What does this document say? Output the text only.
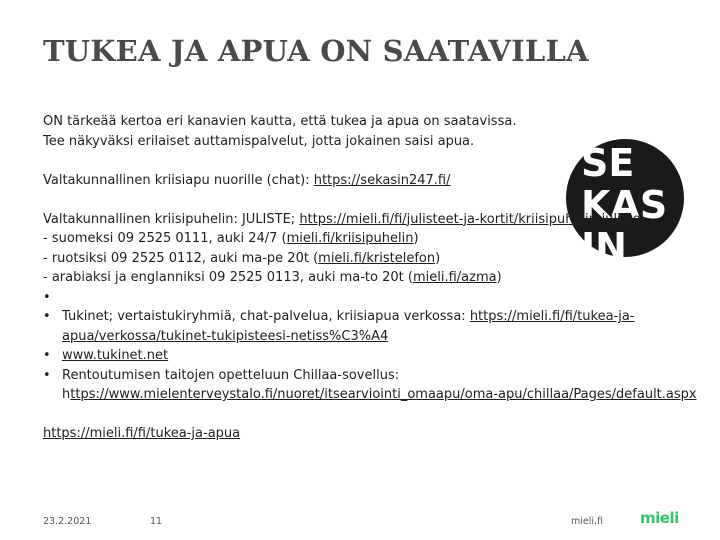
TUKEA JA APUA ON SAATAVILLA
SE
KAS
IN
ON tärkeää kertoa eri kanavien kautta, että tukea ja apua on saatavissa.
Tee näkyväksi erilaiset auttamispalvelut, jotta jokainen saisi apua.
Valtakunnallinen kriisiapu nuorille (chat): https://sekasin247.fi/
Valtakunnallinen kriisipuhelin: JULISTE; https://mieli.fi/fi/julisteet-ja-kortit/kriisipuhelin-juliste
- suomeksi 09 2525 0111, auki 24/7 (mieli.fi/kriisipuhelin)
- ruotsiksi 09 2525 0112, auki ma-pe 20t (mieli.fi/kristelefon)
- arabiaksi ja englanniksi 09 2525 0113, auki ma-to 20t (mieli.fi/azma)
•

• Tukinet; vertaistukiryhmiä, chat-palvelua, kriisiapua verkossa: https://mieli.fi/fi/tukea-ja-apua/verkossa/tukinet-tukipisteesi-netiss%C3%A4
• www.tukinet.net
• Rentoutumisen taitojen opetteluun Chillaa-sovellus:
https://www.mielenterveystalo.fi/nuoret/itsearviointi_omaapu/oma-apu/chillaa/Pages/default.aspx
https://mieli.fi/fi/tukea-ja-apua
23.2.2021	11	mieli.fi mieli
